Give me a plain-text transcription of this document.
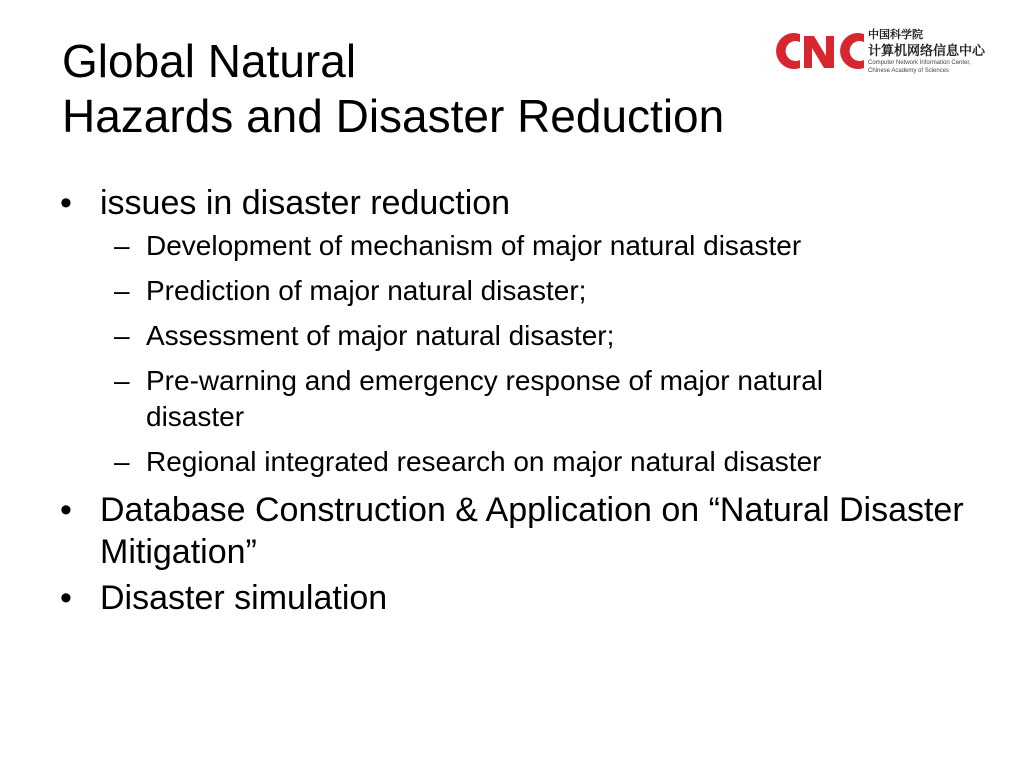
Global Natural
Hazards and Disaster Reduction
中国科学院
计算机网络信息中心
Computer Network Information Center,
Chinese Academy of Sciences
• issues in disaster reduction
– Development of mechanism of major natural disaster
– Prediction of major natural disaster;
– Assessment of major natural disaster;
– Pre-warning and emergency response of major natural disaster
– Regional integrated research on major natural disaster
• Database Construction & Application on “Natural Disaster Mitigation”
• Disaster simulation
